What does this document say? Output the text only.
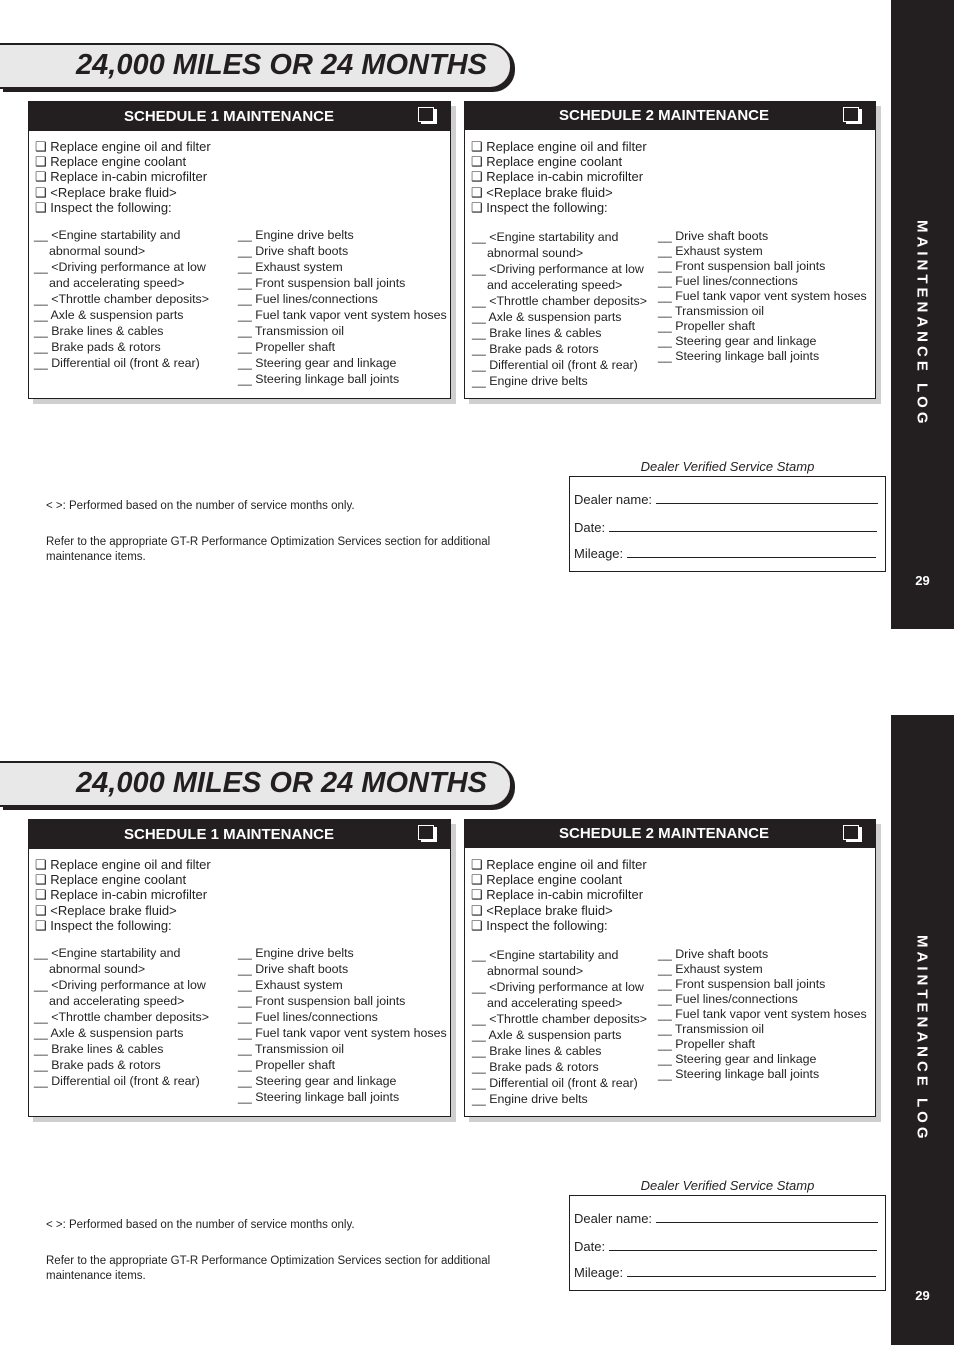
MAINTENANCE LOG
29
24,000 MILES OR 24 MONTHS
SCHEDULE 1 MAINTENANCE
❑ Replace engine oil and filter
❑ Replace engine coolant
❑ Replace in-cabin microfilter
❑ <Replace brake fluid>
❑ Inspect the following:
__ <Engine startability and
abnormal sound>
__ <Driving performance at low
and accelerating speed>
__ <Throttle chamber deposits>
__ Axle & suspension parts
__ Brake lines & cables
__ Brake pads & rotors
__ Differential oil (front & rear)
__ Engine drive belts
__ Drive shaft boots
__ Exhaust system
__ Front suspension ball joints
__ Fuel lines/connections
__ Fuel tank vapor vent system hoses
__ Transmission oil
__ Propeller shaft
__ Steering gear and linkage
__ Steering linkage ball joints
SCHEDULE 2 MAINTENANCE
❑ Replace engine oil and filter
❑ Replace engine coolant
❑ Replace in-cabin microfilter
❑ <Replace brake fluid>
❑ Inspect the following:
__ <Engine startability and
abnormal sound>
__ <Driving performance at low
and accelerating speed>
__ <Throttle chamber deposits>
__ Axle & suspension parts
__ Brake lines & cables
__ Brake pads & rotors
__ Differential oil (front & rear)
__ Engine drive belts
__ Drive shaft boots
__ Exhaust system
__ Front suspension ball joints
__ Fuel lines/connections
__ Fuel tank vapor vent system hoses
__ Transmission oil
__ Propeller shaft
__ Steering gear and linkage
__ Steering linkage ball joints
Dealer Verified Service Stamp
< >: Performed based on the number of service months only.
Refer to the appropriate GT-R Performance Optimization Services section for additional maintenance items.
Dealer name:
Date:
Mileage:
MAINTENANCE LOG
29
24,000 MILES OR 24 MONTHS
SCHEDULE 1 MAINTENANCE
❑ Replace engine oil and filter
❑ Replace engine coolant
❑ Replace in-cabin microfilter
❑ <Replace brake fluid>
❑ Inspect the following:
__ <Engine startability and
abnormal sound>
__ <Driving performance at low
and accelerating speed>
__ <Throttle chamber deposits>
__ Axle & suspension parts
__ Brake lines & cables
__ Brake pads & rotors
__ Differential oil (front & rear)
__ Engine drive belts
__ Drive shaft boots
__ Exhaust system
__ Front suspension ball joints
__ Fuel lines/connections
__ Fuel tank vapor vent system hoses
__ Transmission oil
__ Propeller shaft
__ Steering gear and linkage
__ Steering linkage ball joints
SCHEDULE 2 MAINTENANCE
❑ Replace engine oil and filter
❑ Replace engine coolant
❑ Replace in-cabin microfilter
❑ <Replace brake fluid>
❑ Inspect the following:
__ <Engine startability and
abnormal sound>
__ <Driving performance at low
and accelerating speed>
__ <Throttle chamber deposits>
__ Axle & suspension parts
__ Brake lines & cables
__ Brake pads & rotors
__ Differential oil (front & rear)
__ Engine drive belts
__ Drive shaft boots
__ Exhaust system
__ Front suspension ball joints
__ Fuel lines/connections
__ Fuel tank vapor vent system hoses
__ Transmission oil
__ Propeller shaft
__ Steering gear and linkage
__ Steering linkage ball joints
Dealer Verified Service Stamp
< >: Performed based on the number of service months only.
Refer to the appropriate GT-R Performance Optimization Services section for additional maintenance items.
Dealer name:
Date:
Mileage:
